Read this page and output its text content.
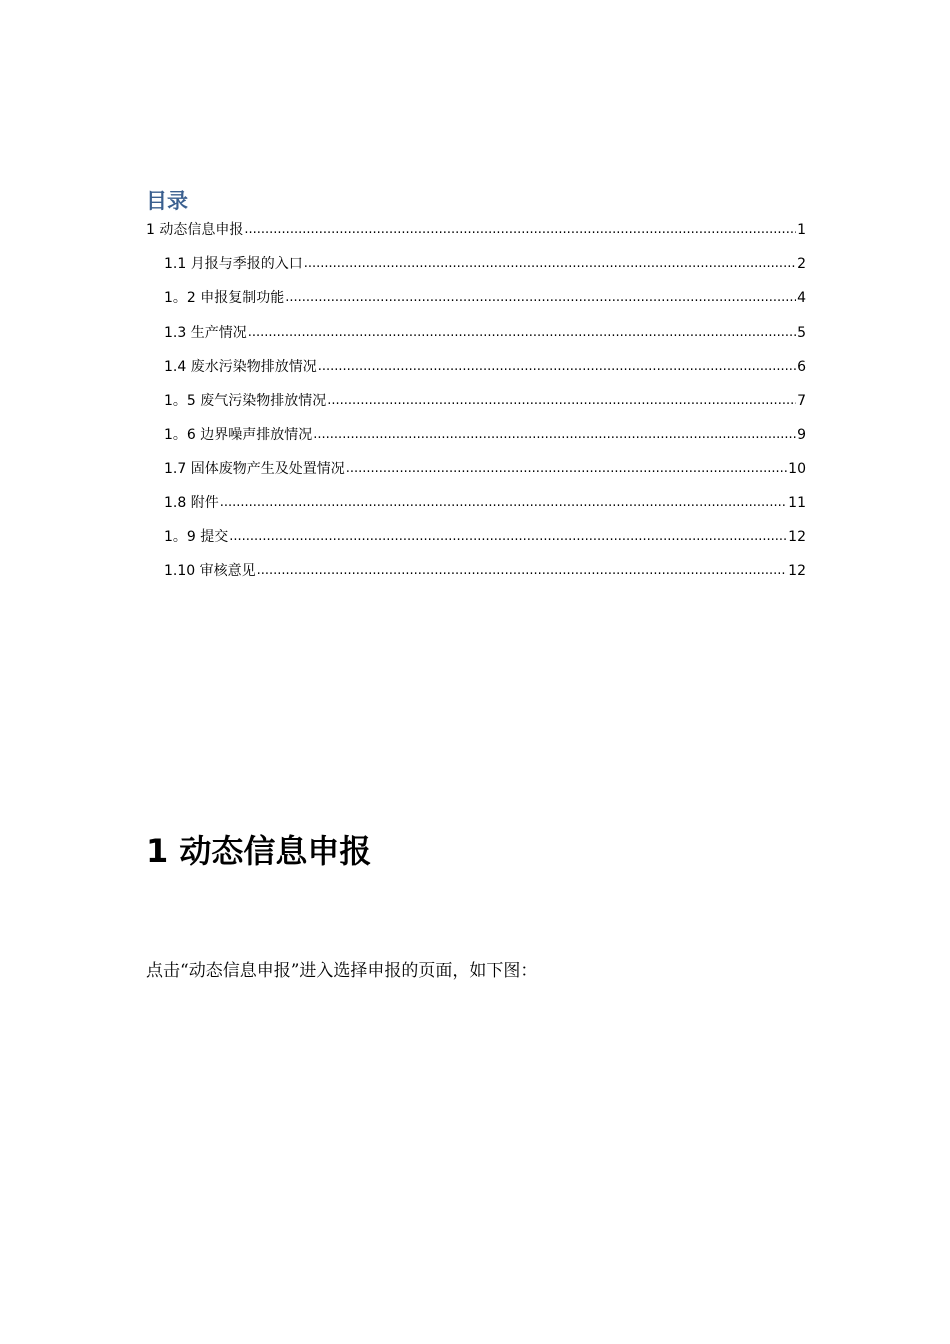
目录
1 动态信息申报 .....	1
1.1 月报与季报的入口 .....	2
1。2 申报复制功能 .....	4
1.3 生产情况 .....	5
1.4 废水污染物排放情况 .....	6
1。5 废气污染物排放情况 .....	7
1。6 边界噪声排放情况 .....	9
1.7 固体废物产生及处置情况 .....	10
1.8 附件 .....	11
1。9 提交 .....	12
1.10 审核意见 .....	12
1 动态信息申报
点击“动态信息申报”进入选择申报的页面，如下图：
